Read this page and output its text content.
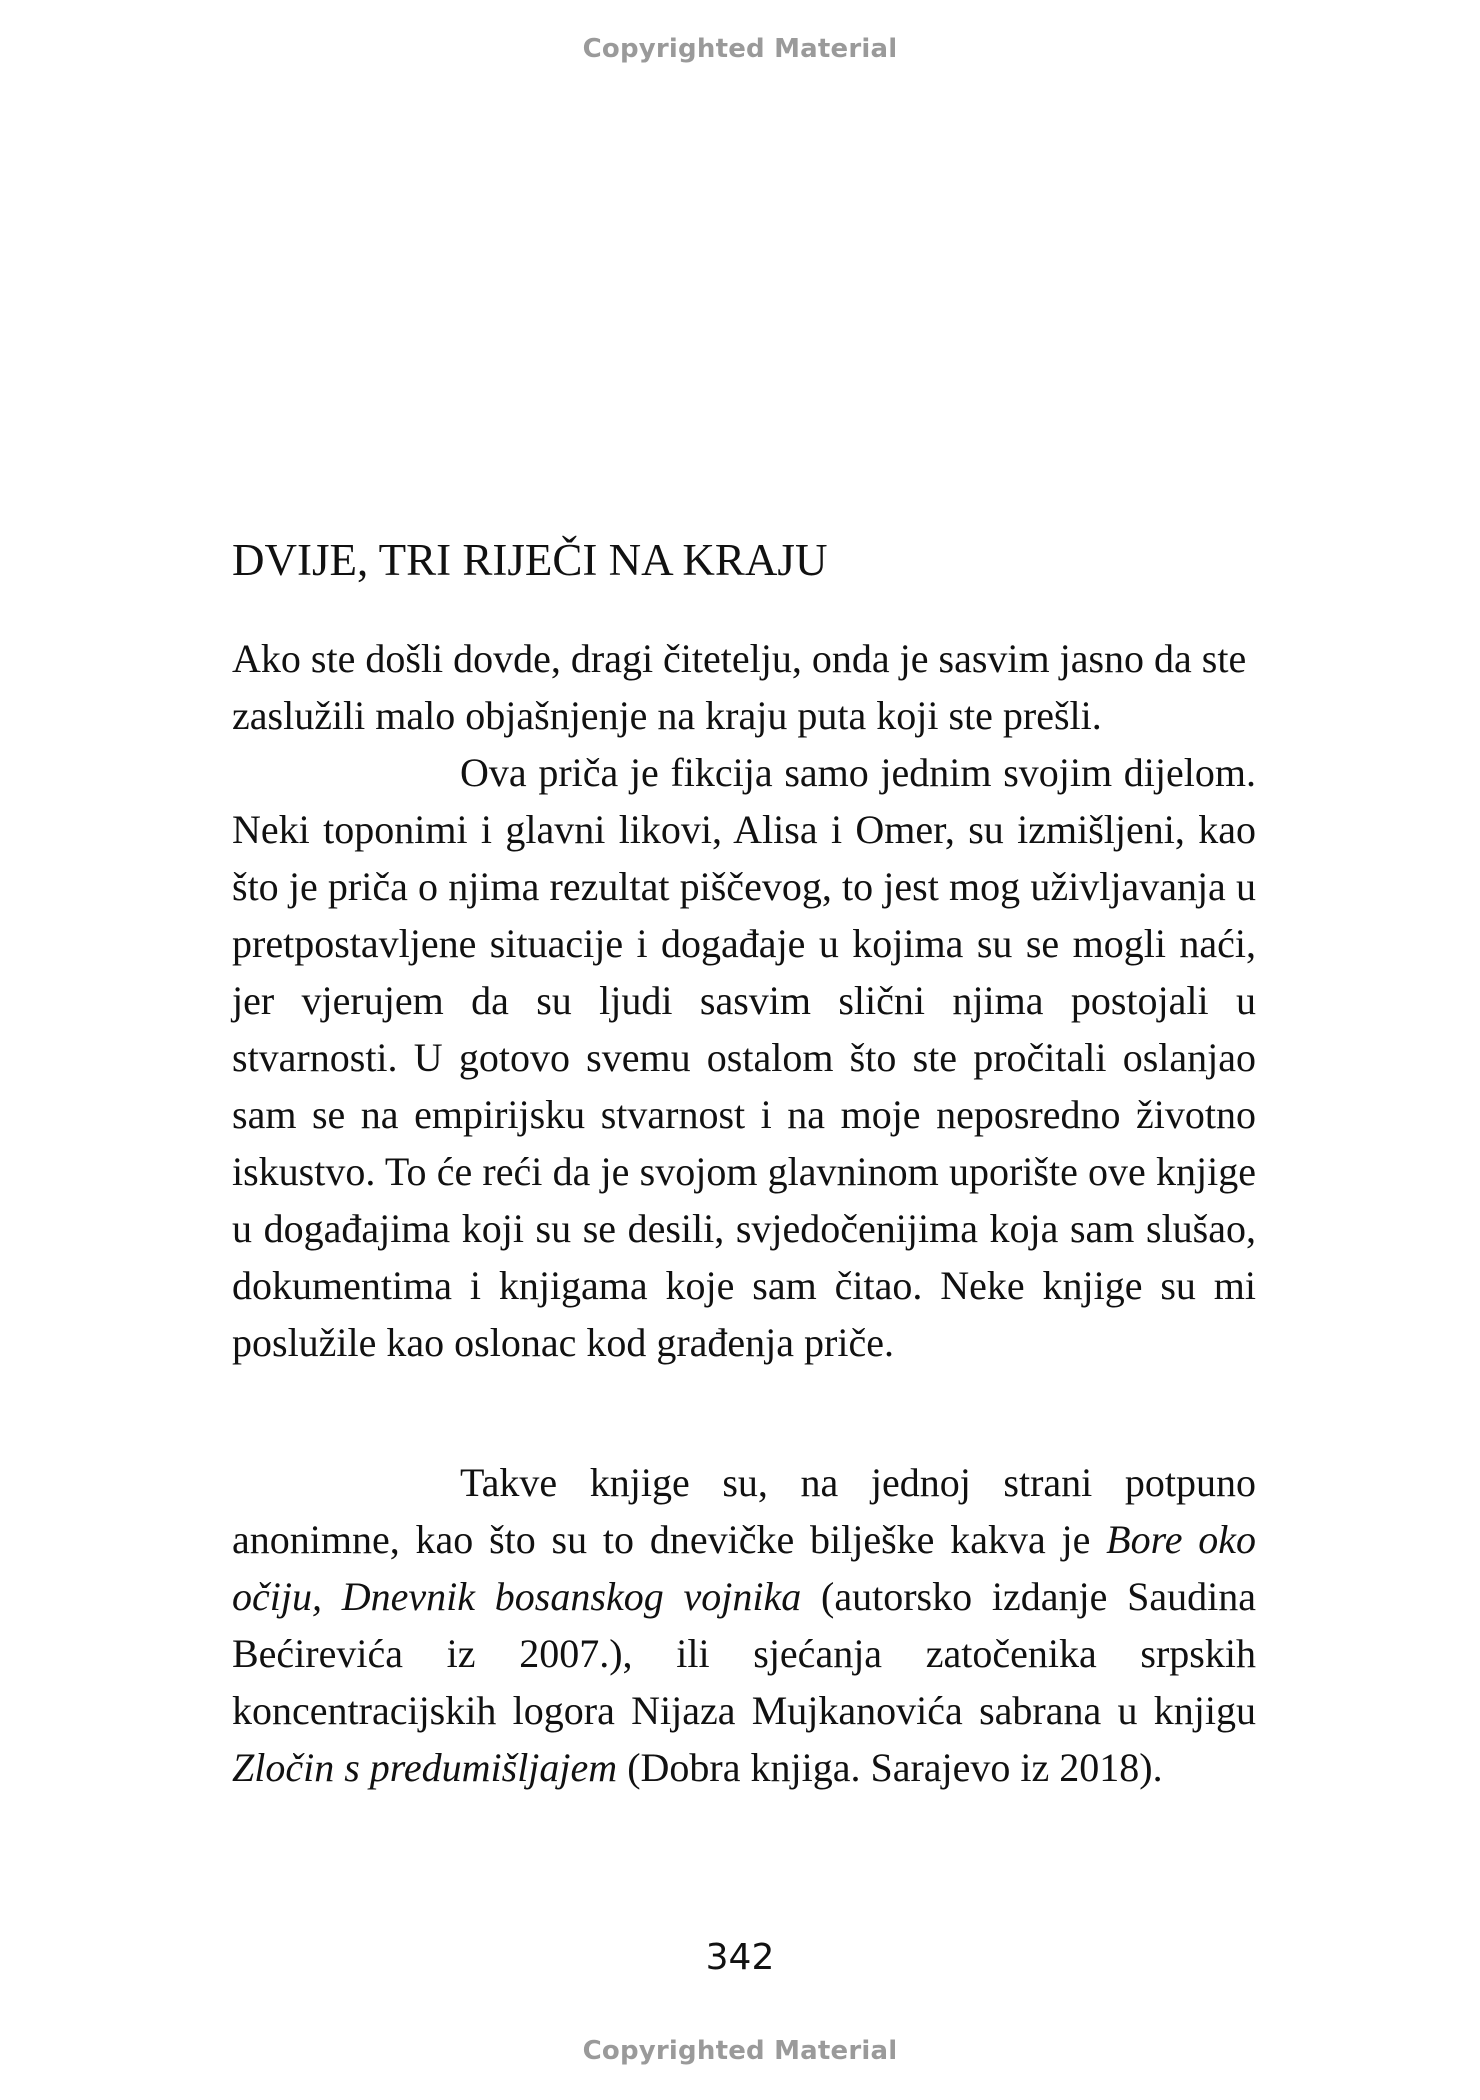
Copyrighted Material
DVIJE, TRI RIJEČI NA KRAJU

Ako ste došli dovde, dragi čitetelju, onda je sasvim jasno da ste zaslužili malo objašnjenje na kraju puta koji ste prešli.

Ova priča je fikcija samo jednim svojim dijelom. Neki toponimi i glavni likovi, Alisa i Omer, su izmišljeni, kao što je priča o njima rezultat piščevog, to jest mog uživljavanja u pretpostavljene situacije i događaje u kojima su se mogli naći, jer vjerujem da su ljudi sasvim slični njima postojali u stvarnosti. U gotovo svemu ostalom što ste pročitali oslanjao sam se na empirijsku stvarnost i na moje neposredno životno iskustvo. To će reći da je svojom glavninom uporište ove knjige u događajima koji su se desili, svjedočenijima koja sam slušao, dokumentima i knjigama koje sam čitao. Neke knjige su mi poslužile kao oslonac kod građenja priče.

Takve knjige su, na jednoj strani potpuno anonimne, kao što su to dnevičke bilješke kakva je Bore oko očiju, Dnevnik bosanskog vojnika (autorsko izdanje Saudina Bećirevića iz 2007.), ili sjećanja zatočenika srpskih koncentracijskih logora Nijaza Mujkanovića sabrana u knjigu Zločin s predumišljajem (Dobra knjiga. Sarajevo iz 2018).

342
Copyrighted Material
